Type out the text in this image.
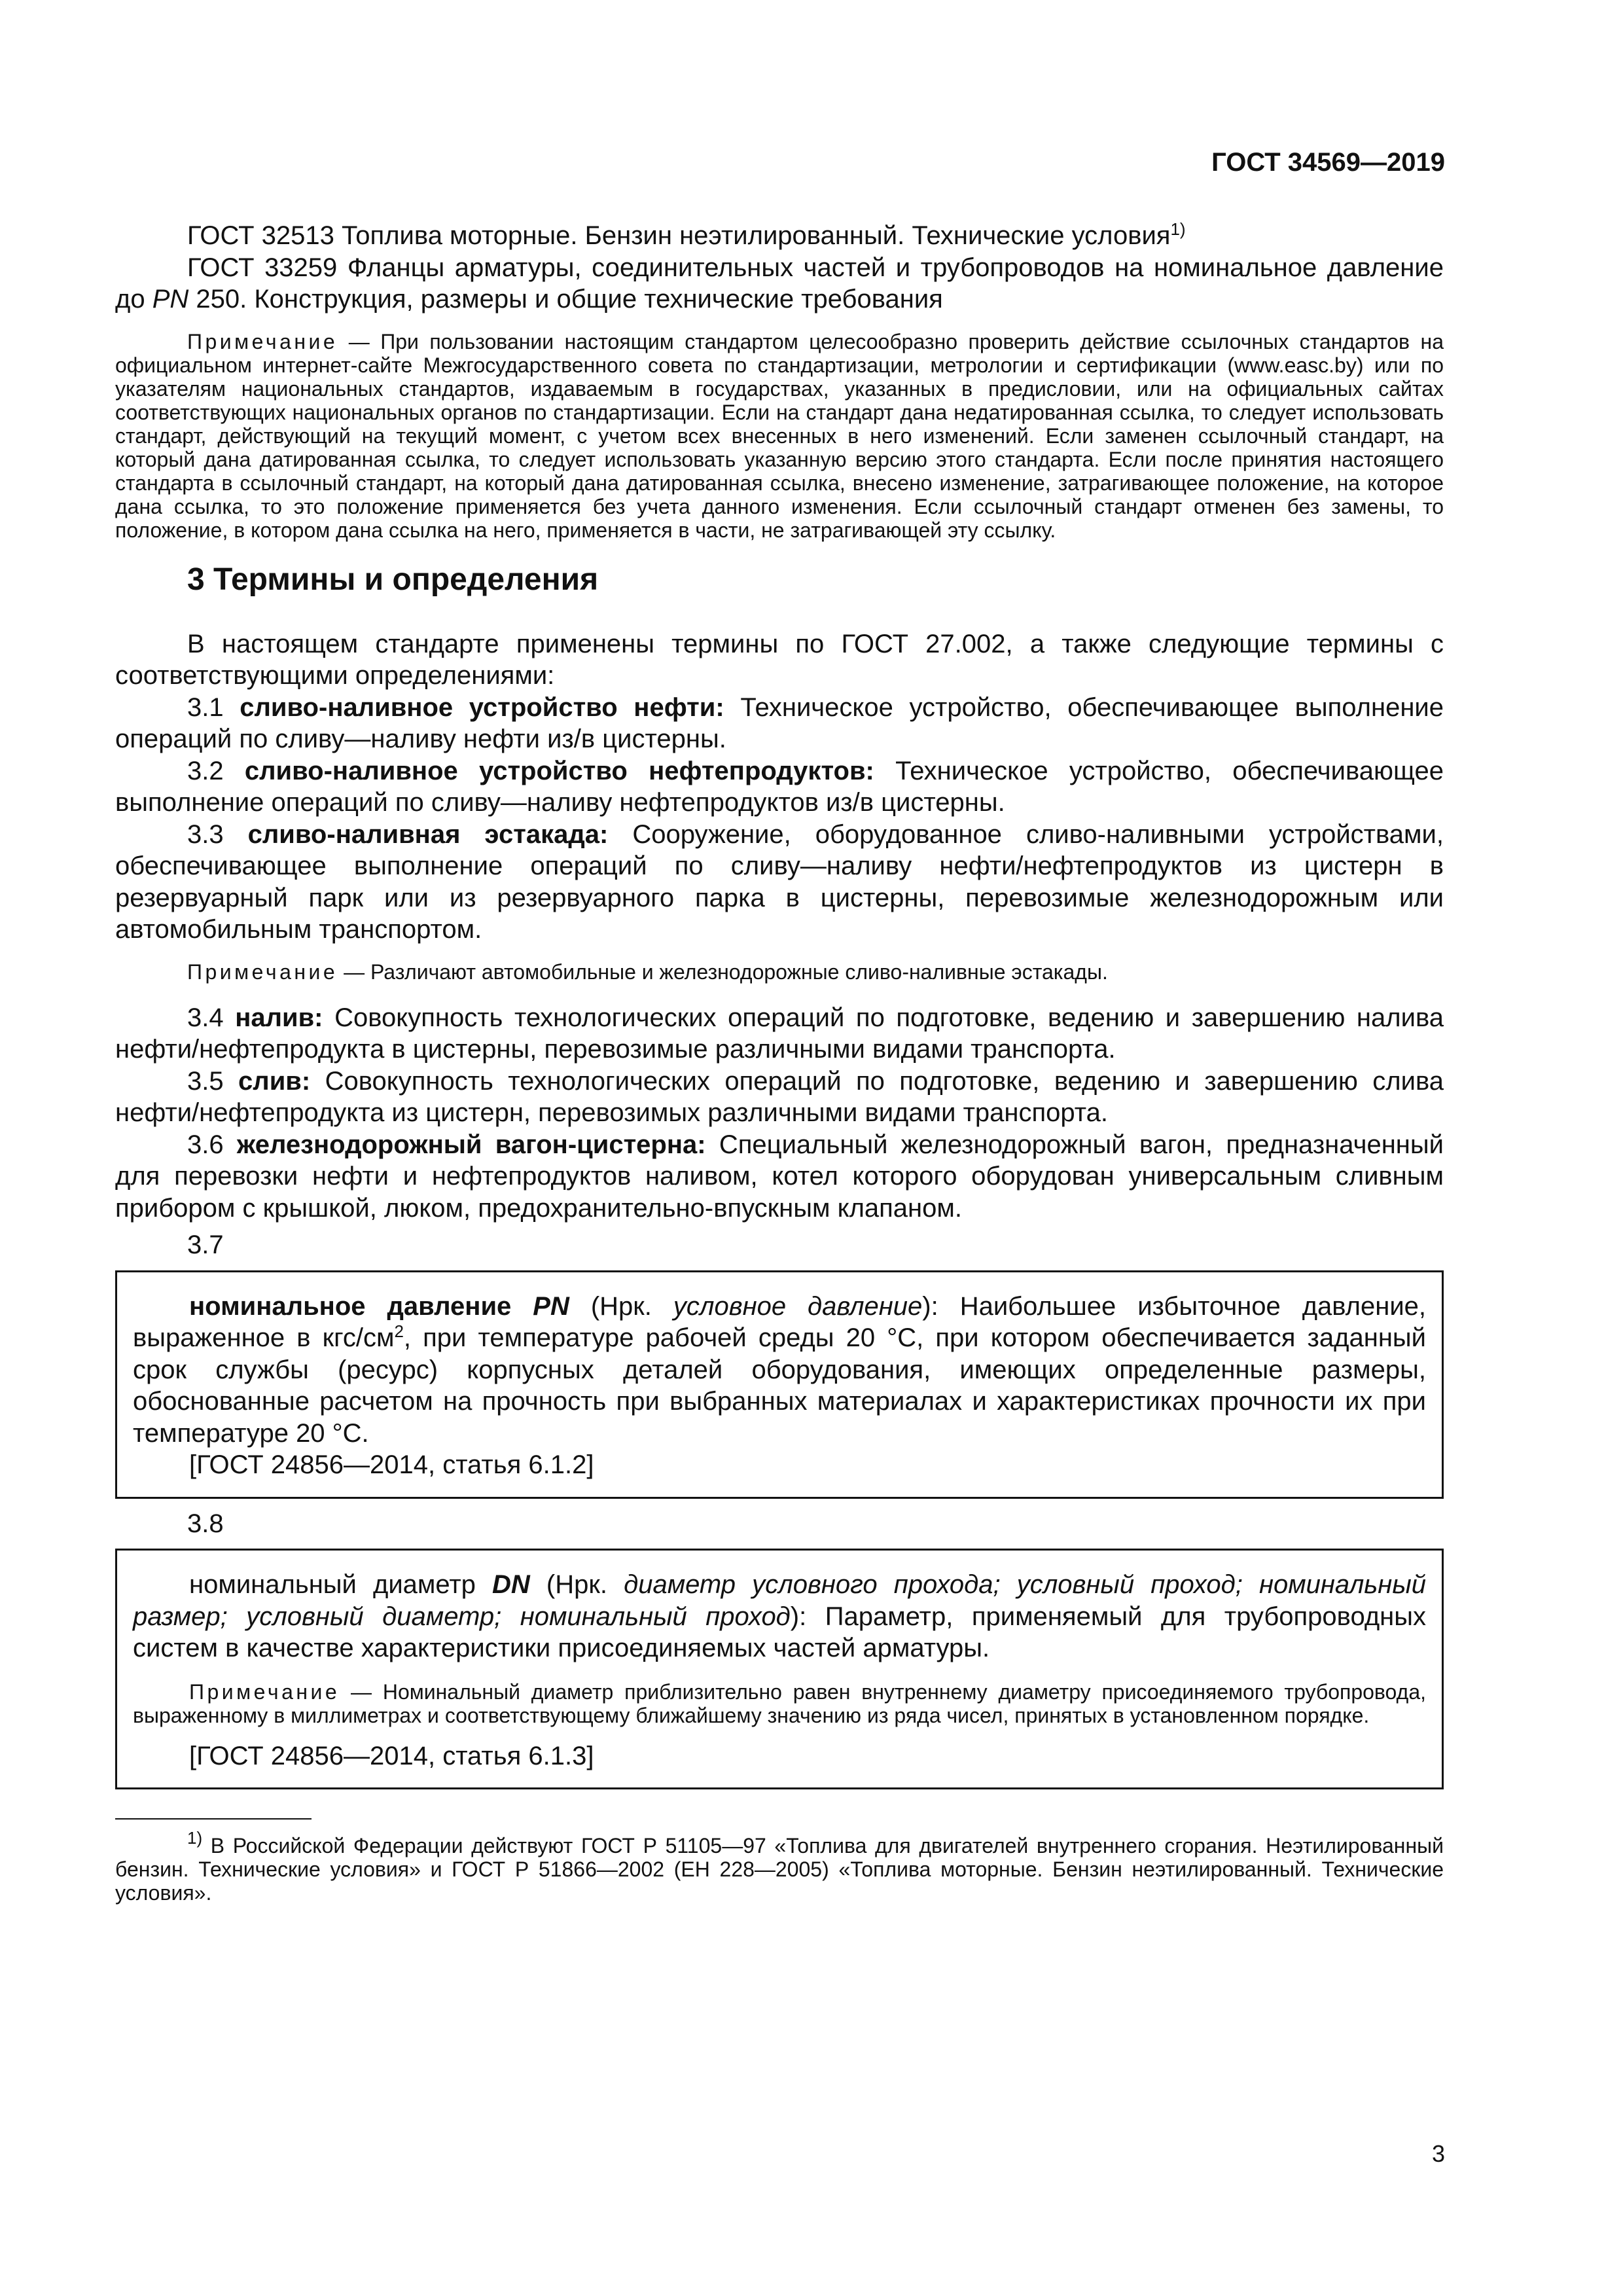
ГОСТ 34569—2019

ГОСТ 32513 Топлива моторные. Бензин неэтилированный. Технические условия$^{1)}$

ГОСТ 33259 Фланцы арматуры, соединительных частей и трубопроводов на номинальное давление до PN 250. Конструкция, размеры и общие технические требования

Примечание — При пользовании настоящим стандартом целесообразно проверить действие ссылочных стандартов на официальном интернет-сайте Межгосударственного совета по стандартизации, метрологии и сертификации (www.easc.by) или по указателям национальных стандартов, издаваемым в государствах, указанных в предисловии, или на официальных сайтах соответствующих национальных органов по стандартизации. Если на стандарт дана недатированная ссылка, то следует использовать стандарт, действующий на текущий момент, с учетом всех внесенных в него изменений. Если заменен ссылочный стандарт, на который дана датированная ссылка, то следует использовать указанную версию этого стандарта. Если после принятия настоящего стандарта в ссылочный стандарт, на который дана датированная ссылка, внесено изменение, затрагивающее положение, на которое дана ссылка, то это положение применяется без учета данного изменения. Если ссылочный стандарт отменен без замены, то положение, в котором дана ссылка на него, применяется в части, не затрагивающей эту ссылку.

3 Термины и определения

В настоящем стандарте применены термины по ГОСТ 27.002, а также следующие термины с соответствующими определениями:

3.1 сливо-наливное устройство нефти: Техническое устройство, обеспечивающее выполнение операций по сливу—наливу нефти из/в цистерны.

3.2 сливо-наливное устройство нефтепродуктов: Техническое устройство, обеспечивающее выполнение операций по сливу—наливу нефтепродуктов из/в цистерны.

3.3 сливо-наливная эстакада: Сооружение, оборудованное сливо-наливными устройствами, обеспечивающее выполнение операций по сливу—наливу нефти/нефтепродуктов из цистерн в резервуарный парк или из резервуарного парка в цистерны, перевозимые железнодорожным или автомобильным транспортом.

Примечание — Различают автомобильные и железнодорожные сливо-наливные эстакады.

3.4 налив: Совокупность технологических операций по подготовке, ведению и завершению налива нефти/нефтепродукта в цистерны, перевозимые различными видами транспорта.

3.5 слив: Совокупность технологических операций по подготовке, ведению и завершению слива нефти/нефтепродукта из цистерн, перевозимых различными видами транспорта.

3.6 железнодорожный вагон-цистерна: Специальный железнодорожный вагон, предназначенный для перевозки нефти и нефтепродуктов наливом, котел которого оборудован универсальным сливным прибором с крышкой, люком, предохранительно-впускным клапаном.

3.7

номинальное давление PN (Нрк. условное давление): Наибольшее избыточное давление, выраженное в кгс/$см^2$, при температуре рабочей среды 20 °С, при котором обеспечивается заданный срок службы (ресурс) корпусных деталей оборудования, имеющих определенные размеры, обоснованные расчетом на прочность при выбранных материалах и характеристиках прочности их при температуре 20 °С.

[ГОСТ 24856—2014, статья 6.1.2]

3.8

номинальный диаметр DN (Нрк. диаметр условного прохода; условный проход; номинальный размер; условный диаметр; номинальный проход): Параметр, применяемый для трубопроводных систем в качестве характеристики присоединяемых частей арматуры.

Примечание — Номинальный диаметр приблизительно равен внутреннему диаметру присоединяемого трубопровода, выраженному в миллиметрах и соответствующему ближайшему значению из ряда чисел, принятых в установленном порядке.

[ГОСТ 24856—2014, статья 6.1.3]

$^{1)}$ В Российской Федерации действуют ГОСТ Р 51105—97 «Топлива для двигателей внутреннего сгорания. Неэтилированный бензин. Технические условия» и ГОСТ Р 51866—2002 (ЕН 228—2005) «Топлива моторные. Бензин неэтилированный. Технические условия».

3
